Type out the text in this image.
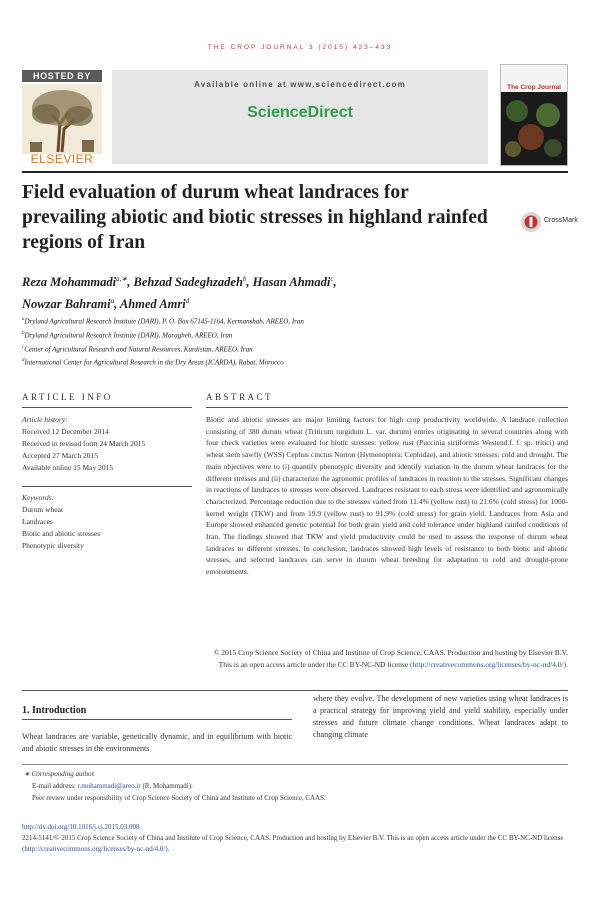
THE CROP JOURNAL 3 (2015) 423–433
HOSTED BY
ELSEVIER
Available online at www.sciencedirect.com
ScienceDirect
The Crop Journal
Field evaluation of durum wheat landraces for prevailing abiotic and biotic stresses in highland rainfed regions of Iran
CrossMark
Reza Mohammadi$^{a,∗}$, Behzad Sadeghzadeh$^b$, Hasan Ahmadi$^c$,
Nowzar Bahrami$^a$, Ahmed Amri$^d$
$^a$Dryland Agricultural Research Institute (DARI), P. O. Box 67145-1164, Kermanshah, AREEO, Iran
$^b$Dryland Agricultural Research Institute (DARI), Maragheh, AREEO, Iran
$^c$Center of Agricultural Research and Natural Resources, Kurdistan, AREEO, Iran
$^d$International Center for Agricultural Research in the Dry Areas (ICARDA), Rabat, Morocco
ARTICLE INFO	ABSTRACT
Article history:
Received 12 December 2014
Received in revised form 24 March 2015
Accepted 27 March 2015
Available online 15 May 2015
Keywords:
Durum wheat
Landraces
Biotic and abiotic stresses
Phenotypic diversity
Biotic and abiotic stresses are major limiting factors for high crop productivity worldwide. A landrace collection consisting of 380 durum wheat (Triticum turgidum L. var. durum) entries originating in several countries along with four check varieties were evaluated for biotic stresses: yellow rust (Puccinia striiformis Westend.f. f. sp. tritici) and wheat stem sawfly (WSS) Cephus cinctus Norton (Hymenoptera: Cephidae), and abiotic stresses: cold and drought. The main objectives were to (i) quantify phenotypic diversity and identify variation in the durum wheat landraces for the different stresses and (ii) characterize the agronomic profiles of landraces in reaction to the stresses. Significant changes in reactions of landraces to stresses were observed. Landraces resistant to each stress were identified and agronomically characterized. Percentage reduction due to the stresses varied from 11.4% (yellow rust) to 21.6% (cold stress) for 1000-kernel weight (TKW) and from 19.9 (yellow rust) to 91.9% (cold stress) for grain yield. Landraces from Asia and Europe showed enhanced genetic potential for both grain yield and cold tolerance under highland rainfed conditions of Iran. The findings showed that TKW and yield productivity could be used to assess the response of durum wheat landraces to different stresses. In conclusion, landraces showed high levels of resistance to both biotic and abiotic stresses, and selected landraces can serve in durum wheat breeding for adaptation to cold and drought-prone environments.
© 2015 Crop Science Society of China and Institute of Crop Science, CAAS. Production and hosting by Elsevier B.V. This is an open access article under the CC BY-NC-ND license (http://creativecommons.org/licenses/by-nc-nd/4.0/).
1. Introduction
Wheat landraces are variable, genetically dynamic, and in equilibrium with biotic and abiotic stresses in the environments
where they evolve. The development of new varieties using wheat landraces is a practical strategy for improving yield and yield stability, especially under stresses and future climate change conditions. Wheat landraces adapt to changing climate
∗ Corresponding author.
E-mail address: r.mohammadi@areo.ir (R. Mohammadi).
Peer review under responsibility of Crop Science Society of China and Institute of Crop Science, CAAS.
http://dx.doi.org/10.1016/j.cj.2015.03.008
2214-5141/© 2015 Crop Science Society of China and Institute of Crop Science, CAAS. Production and hosting by Elsevier B.V. This is an open access article under the CC BY-NC-ND license (http://creativecommons.org/licenses/by-nc-nd/4.0/).
